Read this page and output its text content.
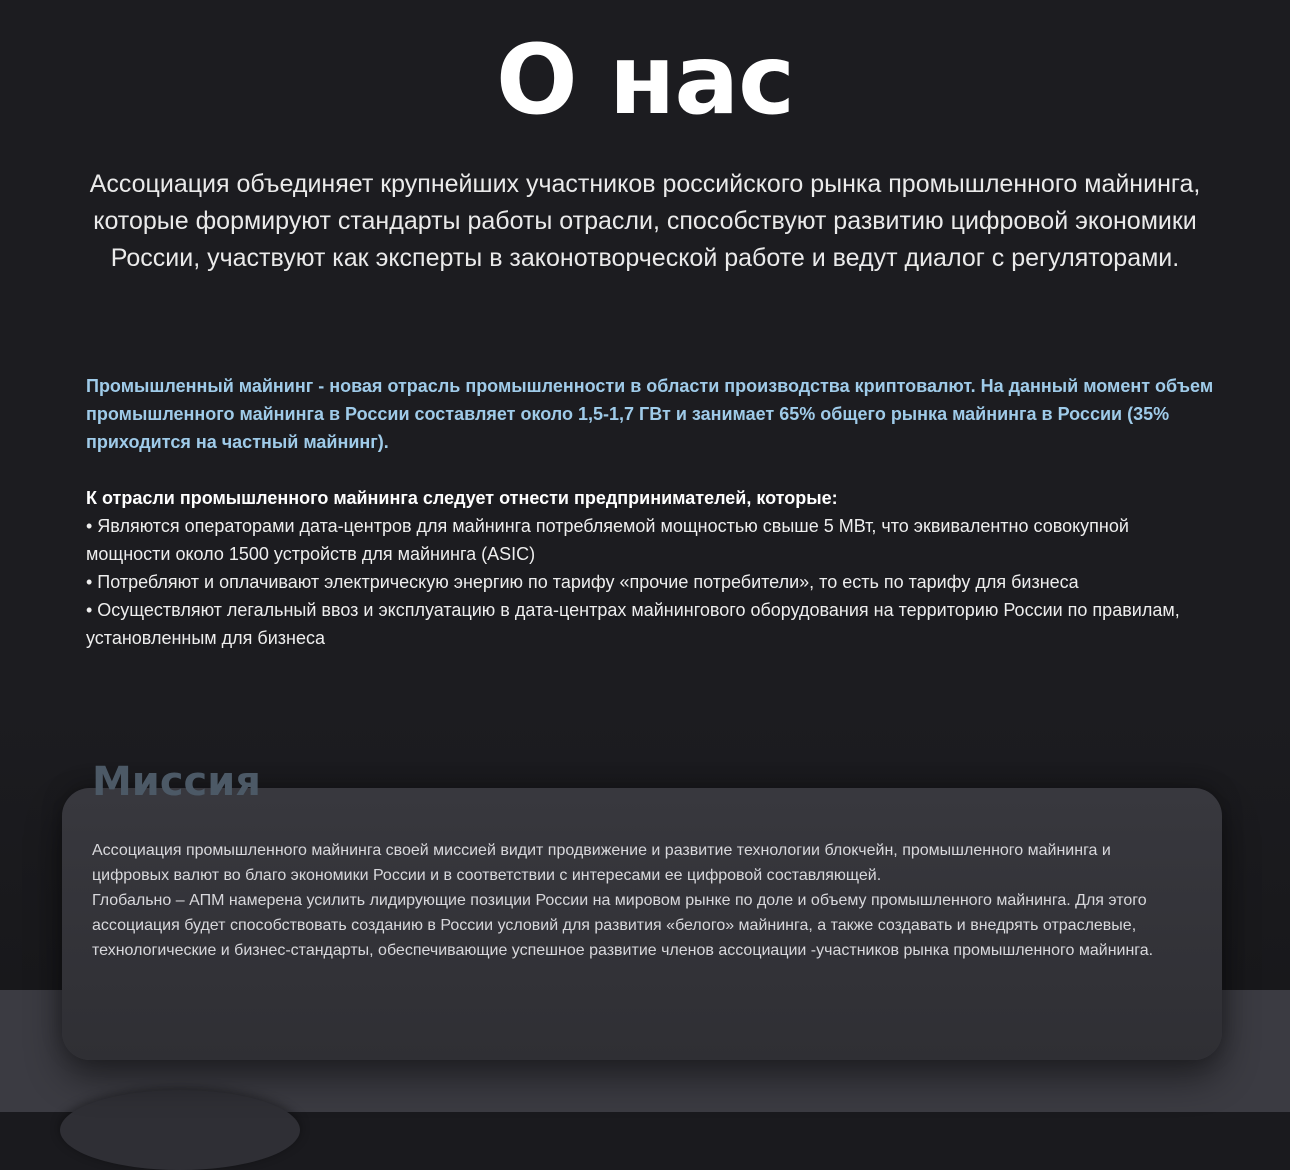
О нас

Ассоциация объединяет крупнейших участников российского рынка промышленного майнинга, которые формируют стандарты работы отрасли, способствуют развитию цифровой экономики России, участвуют как эксперты в законотворческой работе и ведут диалог с регуляторами.

Промышленный майнинг - новая отрасль промышленности в области производства криптовалют. На данный момент объем промышленного майнинга в России составляет около 1,5-1,7 ГВт и занимает 65% общего рынка майнинга в России (35% приходится на частный майнинг).

К отрасли промышленного майнинга следует отнести предпринимателей, которые:

• Являются операторами дата-центров для майнинга потребляемой мощностью свыше 5 МВт, что эквивалентно совокупной мощности около 1500 устройств для майнинга (ASIC)
• Потребляют и оплачивают электрическую энергию по тарифу «прочие потребители», то есть по тарифу для бизнеса
• Осуществляют легальный ввоз и эксплуатацию в дата-центрах майнингового оборудования на территорию России по правилам, установленным для бизнеса
Миссия

Ассоциация промышленного майнинга своей миссией видит продвижение и развитие технологии блокчейн, промышленного майнинга и цифровых валют во благо экономики России и в соответствии с интересами ее цифровой составляющей.
Глобально – АПМ намерена усилить лидирующие позиции России на мировом рынке по доле и объему промышленного майнинга. Для этого ассоциация будет способствовать созданию в России условий для развития «белого» майнинга, а также создавать и внедрять отраслевые, технологические и бизнес-стандарты, обеспечивающие успешное развитие членов ассоциации -участников рынка промышленного майнинга.
